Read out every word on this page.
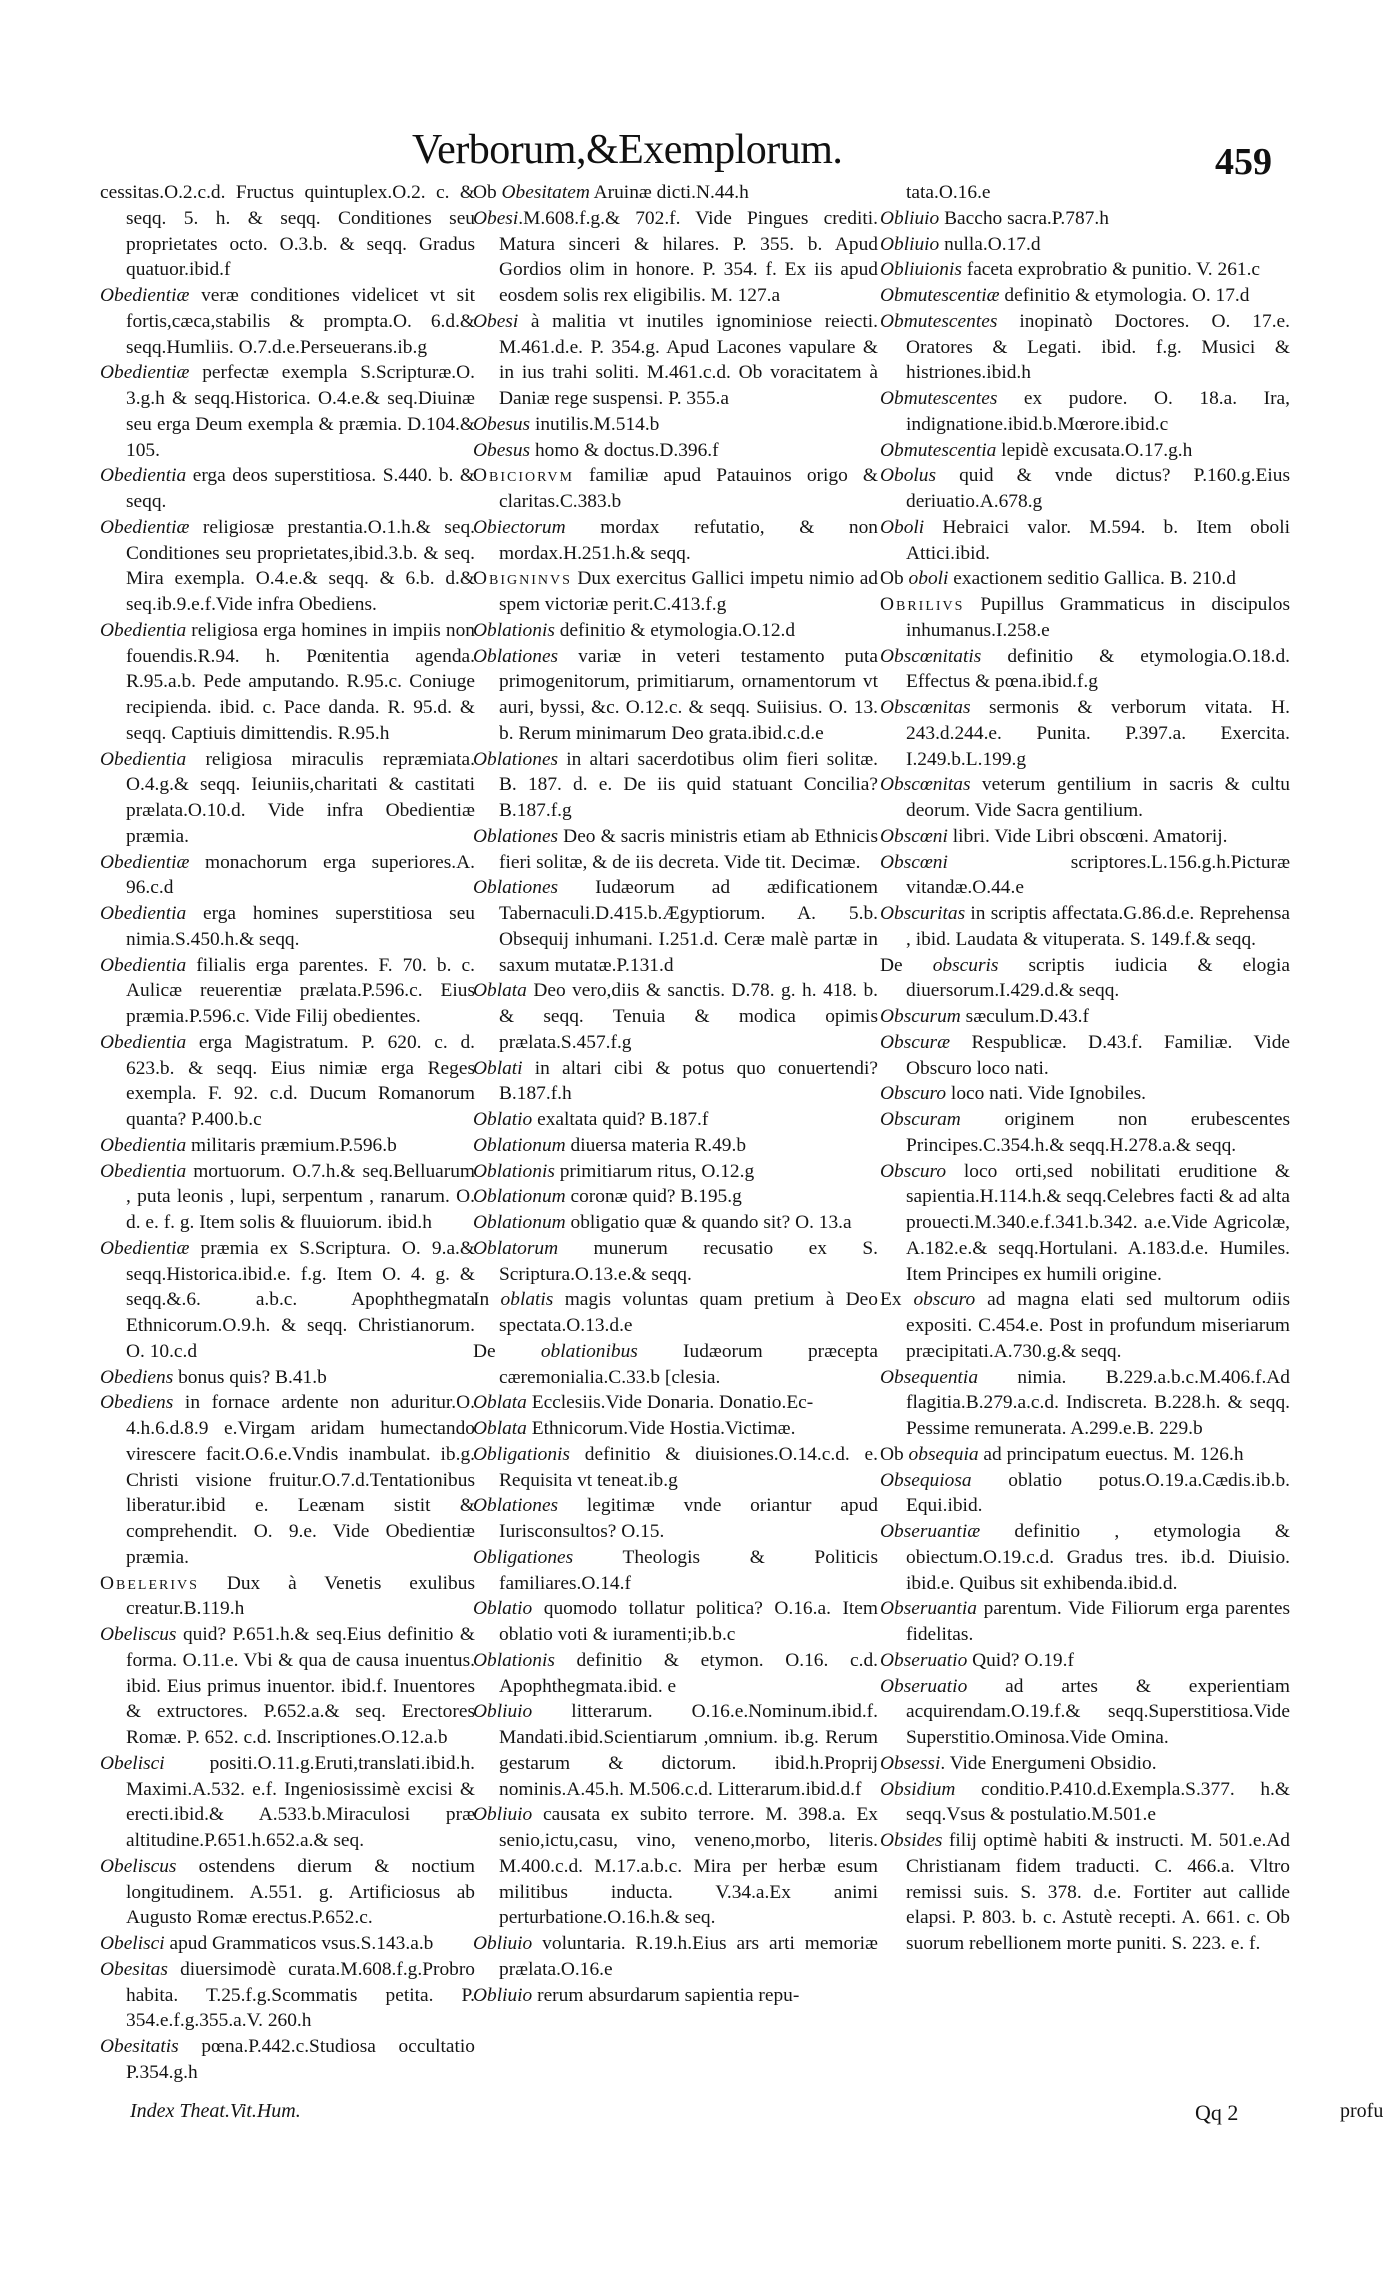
Verborum,&Exemplorum.	459
cessitas.O.2.c.d. Fructus quintuplex.O.2. c. & seqq. 5. h. & seqq. Conditiones seu proprietates octo. O.3.b. & seqq. Gradus quatuor.ibid.f
Obedientiæ veræ conditiones videlicet vt sit fortis,cæca,stabilis & prompta.O. 6.d.& seqq.Humliis. O.7.d.e.Perseuerans.ib.g
Obedientiæ perfectæ exempla S.Scripturæ.O. 3.g.h & seqq.Historica. O.4.e.& seq.Diuinæ seu erga Deum exempla & præmia. D.104.& 105.
Obedientia erga deos superstitiosa. S.440. b. & seqq.
Obedientiæ religiosæ prestantia.O.1.h.& seq. Conditiones seu proprietates,ibid.3.b. & seq. Mira exempla. O.4.e.& seqq. & 6.b. d.& seq.ib.9.e.f.Vide infra Obediens.
Obedientia religiosa erga homines in impiis non fouendis.R.94. h. Pœnitentia agenda. R.95.a.b. Pede amputando. R.95.c. Coniuge recipienda. ibid. c. Pace danda. R. 95.d. & seqq. Captiuis dimittendis. R.95.h
Obedientia religiosa miraculis repræmiata. O.4.g.& seqq. Ieiuniis,charitati & castitati prælata.O.10.d. Vide infra Obedientiæ præmia.
Obedientiæ monachorum erga superiores.A. 96.c.d
Obedientia erga homines superstitiosa seu nimia.S.450.h.& seqq.
Obedientia filialis erga parentes. F. 70. b. c. Aulicæ reuerentiæ prælata.P.596.c. Eius præmia.P.596.c. Vide Filij obedientes.
Obedientia erga Magistratum. P. 620. c. d. 623.b. & seqq. Eius nimiæ erga Reges exempla. F. 92. c.d. Ducum Romanorum quanta? P.400.b.c
Obedientia militaris præmium.P.596.b
Obedientia mortuorum. O.7.h.& seq.Belluarum , puta leonis , lupi, serpentum , ranarum. O. d. e. f. g. Item solis & fluuiorum. ibid.h
Obedientiæ præmia ex S.Scriptura. O. 9.a.& seqq.Historica.ibid.e. f.g. Item O. 4. g. & seqq.&.6. a.b.c. Apophthegmata Ethnicorum.O.9.h. & seqq. Christianorum. O. 10.c.d
Obediens bonus quis? B.41.b
Obediens in fornace ardente non aduritur.O. 4.h.6.d.8.9 e.Virgam aridam humectando virescere facit.O.6.e.Vndis inambulat. ib.g. Christi visione fruitur.O.7.d.Tentationibus liberatur.ibid e. Leænam sistit & comprehendit. O. 9.e. Vide Obedientiæ præmia.
Obelerivs Dux à Venetis exulibus creatur.B.119.h
Obeliscus quid? P.651.h.& seq.Eius definitio & forma. O.11.e. Vbi & qua de causa inuentus. ibid. Eius primus inuentor. ibid.f. Inuentores & extructores. P.652.a.& seq. Erectores Romæ. P. 652. c.d. Inscriptiones.O.12.a.b
Obelisci positi.O.11.g.Eruti,translati.ibid.h. Maximi.A.532. e.f. Ingeniosissimè excisi & erecti.ibid.& A.533.b.Miraculosi præ altitudine.P.651.h.652.a.& seq.
Obeliscus ostendens dierum & noctium longitudinem. A.551. g. Artificiosus ab Augusto Romæ erectus.P.652.c.
Obelisci apud Grammaticos vsus.S.143.a.b
Obesitas diuersimodè curata.M.608.f.g.Probro habita. T.25.f.g.Scommatis petita. P. 354.e.f.g.355.a.V. 260.h
Obesitatis pœna.P.442.c.Studiosa occultatio P.354.g.h
Ob Obesitatem Aruinæ dicti.N.44.h
Obesi.M.608.f.g.& 702.f. Vide Pingues crediti. Matura sinceri & hilares. P. 355. b. Apud Gordios olim in honore. P. 354. f. Ex iis apud eosdem solis rex eligibilis. M. 127.a
Obesi à malitia vt inutiles ignominiose reiecti. M.461.d.e. P. 354.g. Apud Lacones vapulare & in ius trahi soliti. M.461.c.d. Ob voracitatem à Daniæ rege suspensi. P. 355.a
Obesus inutilis.M.514.b
Obesus homo & doctus.D.396.f
Obiciorvm familiæ apud Patauinos origo & claritas.C.383.b
Obiectorum mordax refutatio, & non mordax.H.251.h.& seqq.
Obigninvs Dux exercitus Gallici impetu nimio ad spem victoriæ perit.C.413.f.g
Oblationis definitio & etymologia.O.12.d
Oblationes variæ in veteri testamento puta primogenitorum, primitiarum, ornamentorum vt auri, byssi, &c. O.12.c. & seqq. Suiisius. O. 13. b. Rerum minimarum Deo grata.ibid.c.d.e
Oblationes in altari sacerdotibus olim fieri solitæ. B. 187. d. e. De iis quid statuant Concilia? B.187.f.g
Oblationes Deo & sacris ministris etiam ab Ethnicis fieri solitæ, & de iis decreta. Vide tit. Decimæ.
Oblationes Iudæorum ad ædificationem Tabernaculi.D.415.b.Ægyptiorum. A. 5.b. Obsequij inhumani. I.251.d. Ceræ malè partæ in saxum mutatæ.P.131.d
Oblata Deo vero,diis & sanctis. D.78. g. h. 418. b. & seqq. Tenuia & modica opimis prælata.S.457.f.g
Oblati in altari cibi & potus quo conuertendi? B.187.f.h
Oblatio exaltata quid? B.187.f
Oblationum diuersa materia R.49.b
Oblationis primitiarum ritus, O.12.g
Oblationum coronæ quid? B.195.g
Oblationum obligatio quæ & quando sit? O. 13.a
Oblatorum munerum recusatio ex S. Scriptura.O.13.e.& seqq.
In oblatis magis voluntas quam pretium à Deo spectata.O.13.d.e
De oblationibus Iudæorum præcepta cæremonialia.C.33.b [clesia.
Oblata Ecclesiis.Vide Donaria. Donatio.Ec-
Oblata Ethnicorum.Vide Hostia.Victimæ.
Obligationis definitio & diuisiones.O.14.c.d. e. Requisita vt teneat.ib.g
Oblationes legitimæ vnde oriantur apud Iurisconsultos? O.15.
Obligationes Theologis & Politicis familiares.O.14.f
Oblatio quomodo tollatur politica? O.16.a. Item oblatio voti & iuramenti;ib.b.c
Oblationis definitio & etymon. O.16. c.d. Apophthegmata.ibid. e
Obliuio litterarum. O.16.e.Nominum.ibid.f. Mandati.ibid.Scientiarum ,omnium. ib.g. Rerum gestarum & dictorum. ibid.h.Proprij nominis.A.45.h. M.506.c.d. Litterarum.ibid.d.f
Obliuio causata ex subito terrore. M. 398.a. Ex senio,ictu,casu, vino, veneno,morbo, literis. M.400.c.d. M.17.a.b.c. Mira per herbæ esum militibus inducta. V.34.a.Ex animi perturbatione.O.16.h.& seq.
Obliuio voluntaria. R.19.h.Eius ars arti memoriæ prælata.O.16.e
Obliuio rerum absurdarum sapientia repu-
tata.O.16.e
Obliuio Baccho sacra.P.787.h
Obliuio nulla.O.17.d
Obliuionis faceta exprobratio & punitio. V. 261.c
Obmutescentiæ definitio & etymologia. O. 17.d
Obmutescentes inopinatò Doctores. O. 17.e. Oratores & Legati. ibid. f.g. Musici & histriones.ibid.h
Obmutescentes ex pudore. O. 18.a. Ira, indignatione.ibid.b.Mœrore.ibid.c
Obmutescentia lepidè excusata.O.17.g.h
Obolus quid & vnde dictus? P.160.g.Eius deriuatio.A.678.g
Oboli Hebraici valor. M.594. b. Item oboli Attici.ibid.
Ob oboli exactionem seditio Gallica. B. 210.d
Obrilivs Pupillus Grammaticus in discipulos inhumanus.I.258.e
Obscœnitatis definitio & etymologia.O.18.d. Effectus & pœna.ibid.f.g
Obscœnitas sermonis & verborum vitata. H. 243.d.244.e. Punita. P.397.a. Exercita. I.249.b.L.199.g
Obscœnitas veterum gentilium in sacris & cultu deorum. Vide Sacra gentilium.
Obscœni libri. Vide Libri obscœni. Amatorij.
Obscœni scriptores.L.156.g.h.Picturæ vitandæ.O.44.e
Obscuritas in scriptis affectata.G.86.d.e. Reprehensa , ibid. Laudata & vituperata. S. 149.f.& seqq.
De obscuris scriptis iudicia & elogia diuersorum.I.429.d.& seqq.
Obscurum sæculum.D.43.f
Obscuræ Respublicæ. D.43.f. Familiæ. Vide Obscuro loco nati.
Obscuro loco nati. Vide Ignobiles.
Obscuram originem non erubescentes Principes.C.354.h.& seqq.H.278.a.& seqq.
Obscuro loco orti,sed nobilitati eruditione & sapientia.H.114.h.& seqq.Celebres facti & ad alta prouecti.M.340.e.f.341.b.342. a.e.Vide Agricolæ, A.182.e.& seqq.Hortulani. A.183.d.e. Humiles. Item Principes ex humili origine.
Ex obscuro ad magna elati sed multorum odiis expositi. C.454.e. Post in profundum miseriarum præcipitati.A.730.g.& seqq.
Obsequentia nimia. B.229.a.b.c.M.406.f.Ad flagitia.B.279.a.c.d. Indiscreta. B.228.h. & seqq. Pessime remunerata. A.299.e.B. 229.b
Ob obsequia ad principatum euectus. M. 126.h
Obsequiosa oblatio potus.O.19.a.Cædis.ib.b. Equi.ibid.
Obseruantiæ definitio , etymologia & obiectum.O.19.c.d. Gradus tres. ib.d. Diuisio. ibid.e. Quibus sit exhibenda.ibid.d.
Obseruantia parentum. Vide Filiorum erga parentes fidelitas.
Obseruatio Quid? O.19.f
Obseruatio ad artes & experientiam acquirendam.O.19.f.& seqq.Superstitiosa.Vide Superstitio.Ominosa.Vide Omina.
Obsessi. Vide Energumeni Obsidio.
Obsidium conditio.P.410.d.Exempla.S.377. h.& seqq.Vsus & postulatio.M.501.e
Obsides filij optimè habiti & instructi. M. 501.e.Ad Christianam fidem traducti. C. 466.a. Vltro remissi suis. S. 378. d.e. Fortiter aut callide elapsi. P. 803. b. c. Astutè recepti. A. 661. c. Ob suorum rebellionem morte puniti. S. 223. e. f.
Index Theat.Vit.Hum.	Qq 2	profu
